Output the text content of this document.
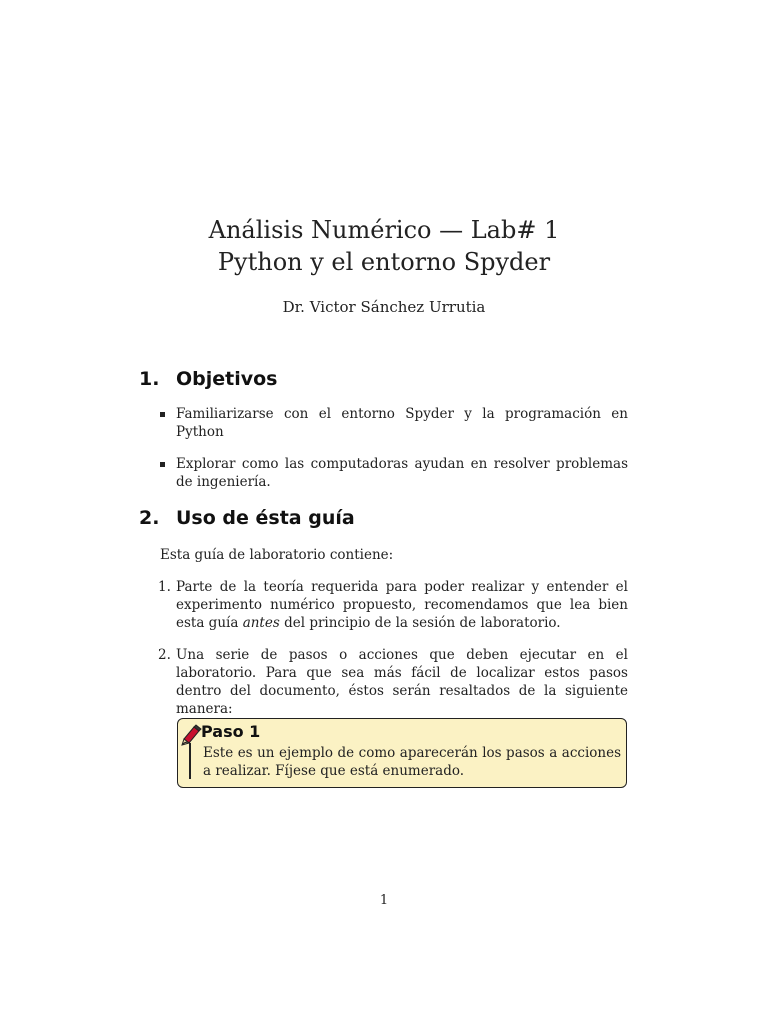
Análisis Numérico — Lab# 1
Python y el entorno Spyder
Dr. Victor Sánchez Urrutia
1. Objetivos
Familiarizarse con el entorno Spyder y la programación en Python
Explorar como las computadoras ayudan en resolver problemas de ingeniería.
2. Uso de ésta guía
Esta guía de laboratorio contiene:
1. Parte de la teoría requerida para poder realizar y entender el experimento numérico propuesto, recomendamos que lea bien esta guía antes del principio de la sesión de laboratorio.
2. Una serie de pasos o acciones que deben ejecutar en el laboratorio. Para que sea más fácil de localizar estos pasos dentro del documento, éstos serán resaltados de la siguiente manera:
Paso 1
Este es un ejemplo de como aparecerán los pasos a acciones a realizar. Fíjese que está enumerado.
1
